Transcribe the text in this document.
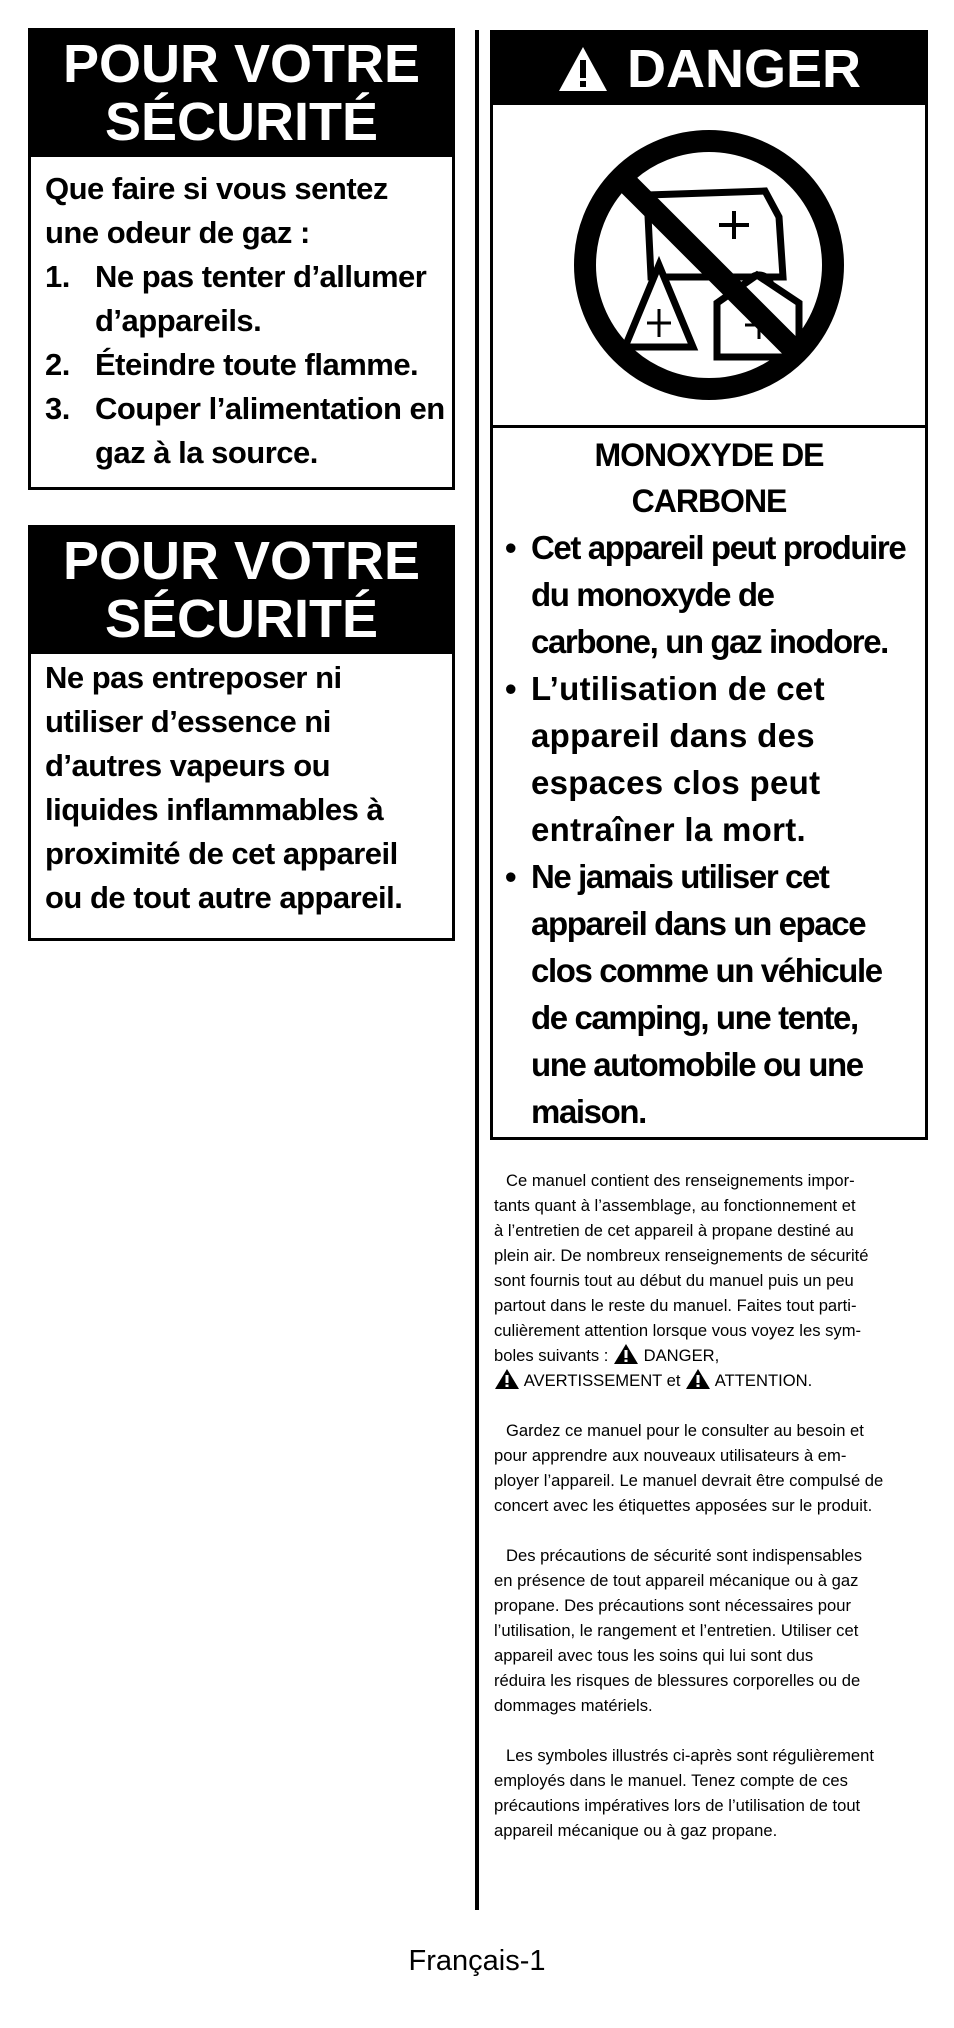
POUR VOTRE
SÉCURITÉ
Que faire si vous sentez
une odeur de gaz :
1. Ne pas tenter d’allumer
d’appareils.
2. Éteindre toute flamme.
3. Couper l’alimentation en
gaz à la source.
POUR VOTRE
SÉCURITÉ
Ne pas entreposer ni
utiliser d’essence ni
d’autres vapeurs ou
liquides inflammables à
proximité de cet appareil
ou de tout autre appareil.
DANGER
MONOXYDE DE
CARBONE
• Cet appareil peut produire
du monoxyde de
carbone, un gaz inodore.
• L’utilisation de cet
appareil dans des
espaces clos peut
entraîner la mort.
• Ne jamais utiliser cet
appareil dans un epace
clos comme un véhicule
de camping, une tente,
une automobile ou une
maison.

Ce manuel contient des renseignements impor-
tants quant à l’assemblage, au fonctionnement et
à l’entretien de cet appareil à propane destiné au
plein air. De nombreux renseignements de sécurité
sont fournis tout au début du manuel puis un peu
partout dans le reste du manuel. Faites tout parti-
culièrement attention lorsque vous voyez les sym-
boles suivants : DANGER,
AVERTISSEMENT et ATTENTION.

Gardez ce manuel pour le consulter au besoin et
pour apprendre aux nouveaux utilisateurs à em-
ployer l’appareil. Le manuel devrait être compulsé de
concert avec les étiquettes apposées sur le produit.

Des précautions de sécurité sont indispensables
en présence de tout appareil mécanique ou à gaz
propane. Des précautions sont nécessaires pour
l’utilisation, le rangement et l’entretien. Utiliser cet
appareil avec tous les soins qui lui sont dus
réduira les risques de blessures corporelles ou de
dommages matériels.

Les symboles illustrés ci-après sont régulièrement
employés dans le manuel. Tenez compte de ces
précautions impératives lors de l’utilisation de tout
appareil mécanique ou à gaz propane.

Français-1
